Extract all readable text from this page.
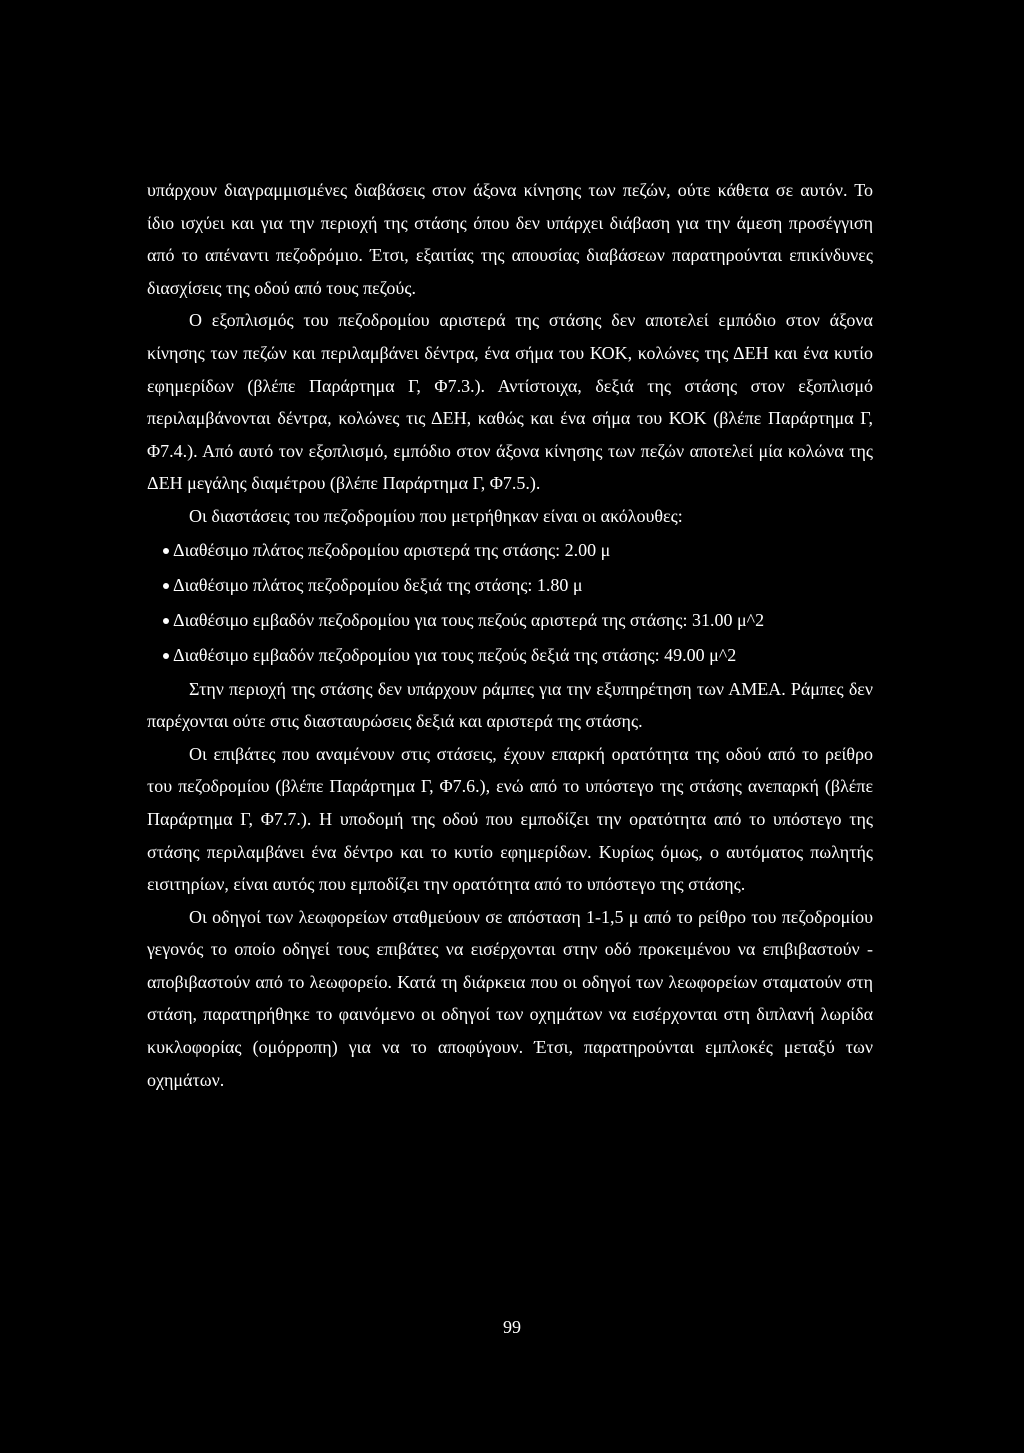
υπάρχουν διαγραμμισμένες διαβάσεις στον άξονα κίνησης των πεζών, ούτε κάθετα σε αυτόν. Το ίδιο ισχύει και για την περιοχή της στάσης όπου δεν υπάρχει διάβαση για την άμεση προσέγγιση από το απέναντι πεζοδρόμιο. Έτσι, εξαιτίας της απουσίας διαβάσεων παρατηρούνται επικίνδυνες διασχίσεις της οδού από τους πεζούς.

Ο εξοπλισμός του πεζοδρομίου αριστερά της στάσης δεν αποτελεί εμπόδιο στον άξονα κίνησης των πεζών και περιλαμβάνει δέντρα, ένα σήμα του ΚΟΚ, κολώνες της ΔΕΗ και ένα κυτίο εφημερίδων (βλέπε Παράρτημα Γ, Φ7.3.). Αντίστοιχα, δεξιά της στάσης στον εξοπλισμό περιλαμβάνονται δέντρα, κολώνες τις ΔΕΗ, καθώς και ένα σήμα του ΚΟΚ (βλέπε Παράρτημα Γ, Φ7.4.). Από αυτό τον εξοπλισμό, εμπόδιο στον άξονα κίνησης των πεζών αποτελεί μία κολώνα της ΔΕΗ μεγάλης διαμέτρου (βλέπε Παράρτημα Γ, Φ7.5.).

Οι διαστάσεις του πεζοδρομίου που μετρήθηκαν είναι οι ακόλουθες:

Διαθέσιμο πλάτος πεζοδρομίου αριστερά της στάσης: 2.00 μ
Διαθέσιμο πλάτος πεζοδρομίου δεξιά της στάσης: 1.80 μ
Διαθέσιμο εμβαδόν πεζοδρομίου για τους πεζούς αριστερά της στάσης: 31.00 μ^2
Διαθέσιμο εμβαδόν πεζοδρομίου για τους πεζούς δεξιά της στάσης: 49.00 μ^2

Στην περιοχή της στάσης δεν υπάρχουν ράμπες για την εξυπηρέτηση των ΑΜΕΑ. Ράμπες δεν παρέχονται ούτε στις διασταυρώσεις δεξιά και αριστερά της στάσης.

Οι επιβάτες που αναμένουν στις στάσεις, έχουν επαρκή ορατότητα της οδού από το ρείθρο του πεζοδρομίου (βλέπε Παράρτημα Γ, Φ7.6.), ενώ από το υπόστεγο της στάσης ανεπαρκή (βλέπε Παράρτημα Γ, Φ7.7.). Η υποδομή της οδού που εμποδίζει την ορατότητα από το υπόστεγο της στάσης περιλαμβάνει ένα δέντρο και το κυτίο εφημερίδων. Κυρίως όμως, ο αυτόματος πωλητής εισιτηρίων, είναι αυτός που εμποδίζει την ορατότητα από το υπόστεγο της στάσης.

Οι οδηγοί των λεωφορείων σταθμεύουν σε απόσταση 1-1,5 μ από το ρείθρο του πεζοδρομίου γεγονός το οποίο οδηγεί τους επιβάτες να εισέρχονται στην οδό προκειμένου να επιβιβαστούν - αποβιβαστούν από το λεωφορείο. Κατά τη διάρκεια που οι οδηγοί των λεωφορείων σταματούν στη στάση, παρατηρήθηκε το φαινόμενο οι οδηγοί των οχημάτων να εισέρχονται στη διπλανή λωρίδα κυκλοφορίας (ομόρροπη) για να το αποφύγουν. Έτσι, παρατηρούνται εμπλοκές μεταξύ των οχημάτων.

99
